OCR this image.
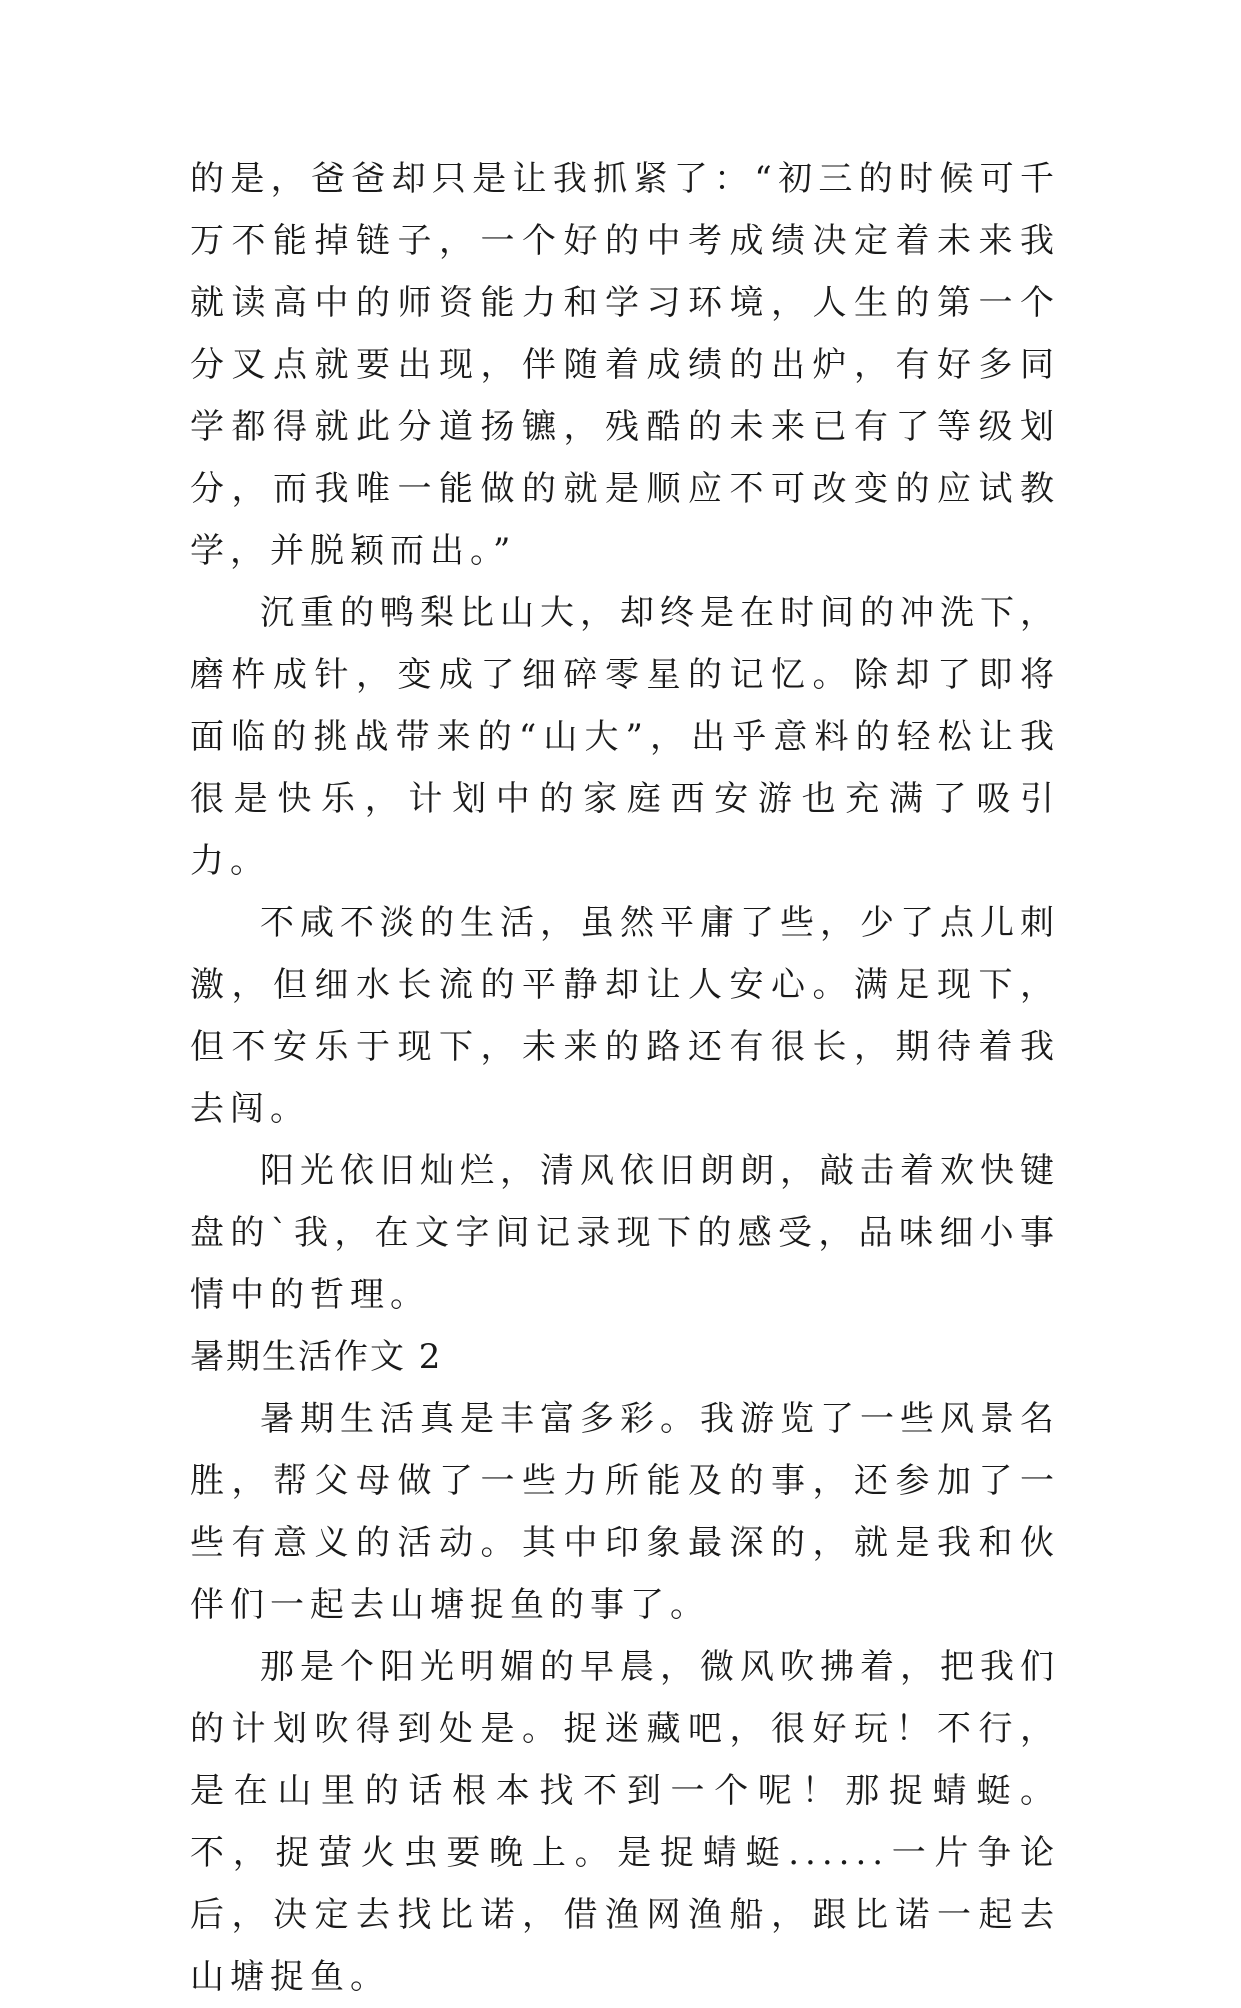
的是，爸爸却只是让我抓紧了：“初三的时候可千万不能掉链子，一个好的中考成绩决定着未来我就读高中的师资能力和学习环境，人生的第一个分叉点就要出现，伴随着成绩的出炉，有好多同学都得就此分道扬镳，残酷的未来已有了等级划分，而我唯一能做的就是顺应不可改变的应试教学，并脱颖而出。”

沉重的鸭梨比山大，却终是在时间的冲洗下，磨杵成针，变成了细碎零星的记忆。除却了即将面临的挑战带来的“山大”，出乎意料的轻松让我很是快乐，计划中的家庭西安游也充满了吸引力。

不咸不淡的生活，虽然平庸了些，少了点儿刺激，但细水长流的平静却让人安心。满足现下，但不安乐于现下，未来的路还有很长，期待着我去闯。

阳光依旧灿烂，清风依旧朗朗，敲击着欢快键盘的`我，在文字间记录现下的感受，品味细小事情中的哲理。

暑期生活作文 2

暑期生活真是丰富多彩。我游览了一些风景名胜，帮父母做了一些力所能及的事，还参加了一些有意义的活动。其中印象最深的，就是我和伙伴们一起去山塘捉鱼的事了。

那是个阳光明媚的早晨，微风吹拂着，把我们的计划吹得到处是。捉迷藏吧，很好玩！不行，是在山里的话根本找不到一个呢！那捉蜻蜓。不，捉萤火虫要晚上。是捉蜻蜓......一片争论后，决定去找比诺，借渔网渔船，跟比诺一起去山塘捉鱼。
